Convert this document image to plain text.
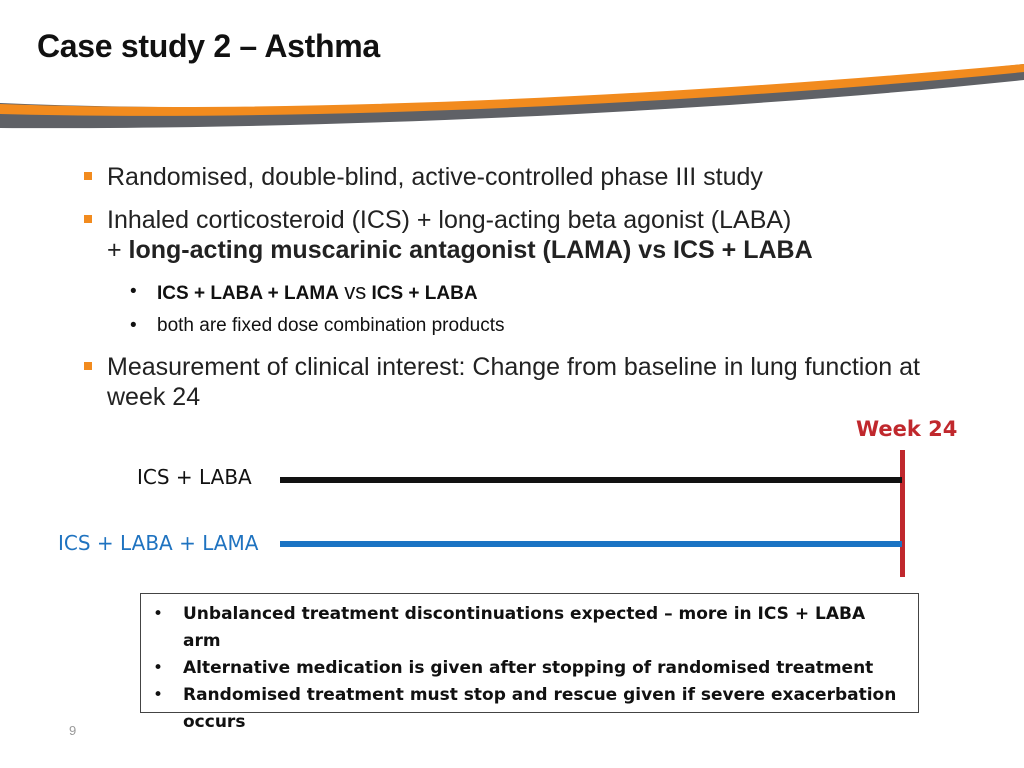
Case study 2 – Asthma
Randomised, double-blind, active-controlled phase III study
Inhaled corticosteroid (ICS) + long-acting beta agonist (LABA)
+ long-acting muscarinic antagonist (LAMA) vs ICS + LABA
• ICS + LABA + LAMA vs ICS + LABA
• both are fixed dose combination products
Measurement of clinical interest: Change from baseline in lung function at week 24
Week 24
ICS + LABA
ICS + LABA + LAMA
• Unbalanced treatment discontinuations expected – more in ICS + LABA arm
• Alternative medication is given after stopping of randomised treatment
• Randomised treatment must stop and rescue given if severe exacerbation occurs
9
